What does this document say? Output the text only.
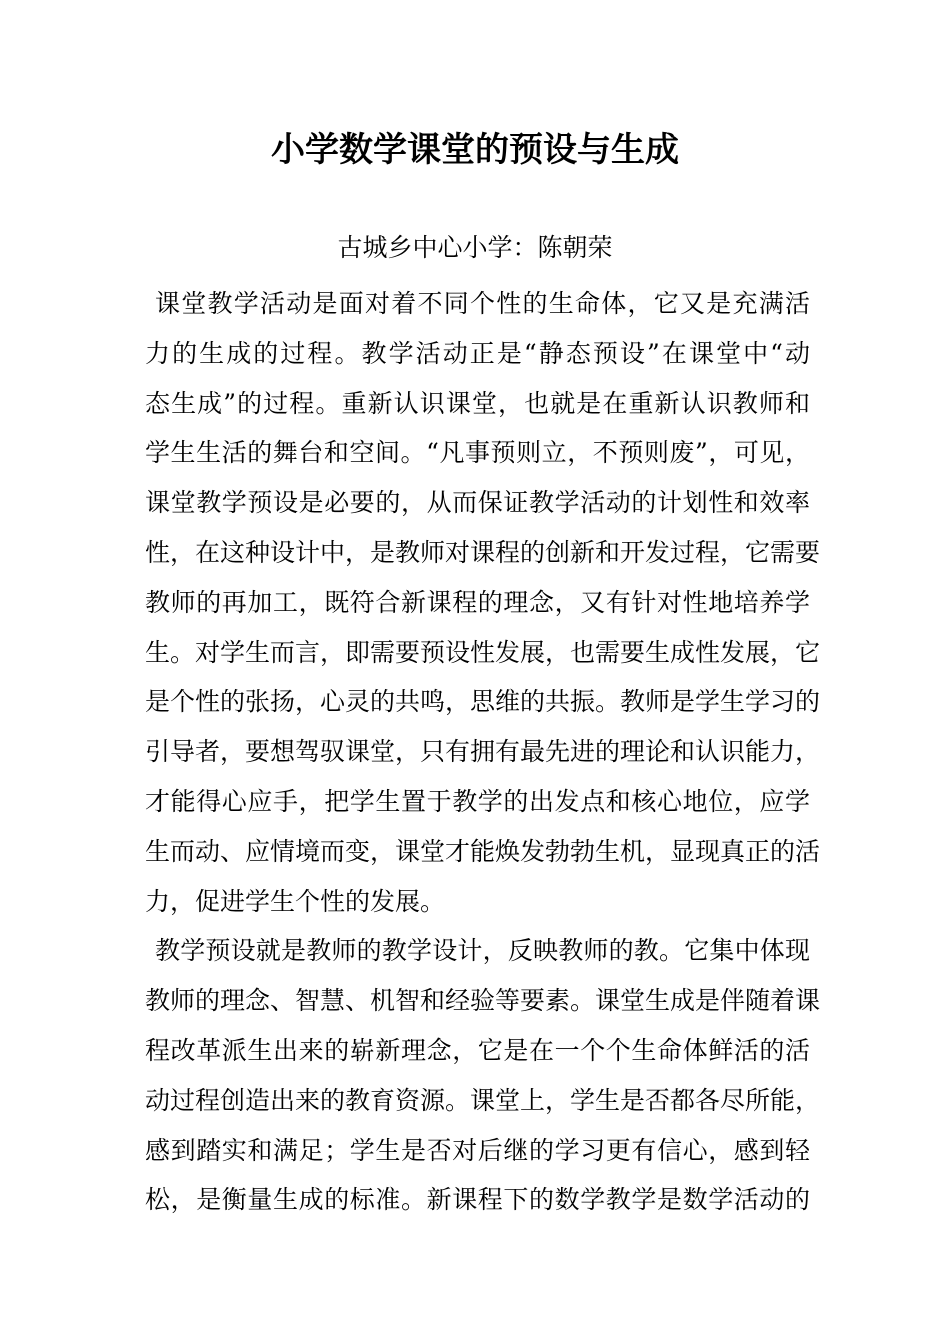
小学数学课堂的预设与生成
古城乡中心小学：陈朝荣
课堂教学活动是面对着不同个性的生命体，它又是充满活
力的生成的过程。教学活动正是“静态预设”在课堂中“动
态生成”的过程。重新认识课堂，也就是在重新认识教师和
学生生活的舞台和空间。“凡事预则立，不预则废”，可见，
课堂教学预设是必要的，从而保证教学活动的计划性和效率
性，在这种设计中，是教师对课程的创新和开发过程，它需要
教师的再加工，既符合新课程的理念，又有针对性地培养学
生。对学生而言，即需要预设性发展，也需要生成性发展，它
是个性的张扬，心灵的共鸣，思维的共振。教师是学生学习的
引导者，要想驾驭课堂，只有拥有最先进的理论和认识能力，
才能得心应手，把学生置于教学的出发点和核心地位，应学
生而动、应情境而变，课堂才能焕发勃勃生机，显现真正的活
力，促进学生个性的发展。
教学预设就是教师的教学设计，反映教师的教。它集中体现
教师的理念、智慧、机智和经验等要素。课堂生成是伴随着课
程改革派生出来的崭新理念，它是在一个个生命体鲜活的活
动过程创造出来的教育资源。课堂上，学生是否都各尽所能，
感到踏实和满足；学生是否对后继的学习更有信心，感到轻
松，是衡量生成的标准。新课程下的数学教学是数学活动的
